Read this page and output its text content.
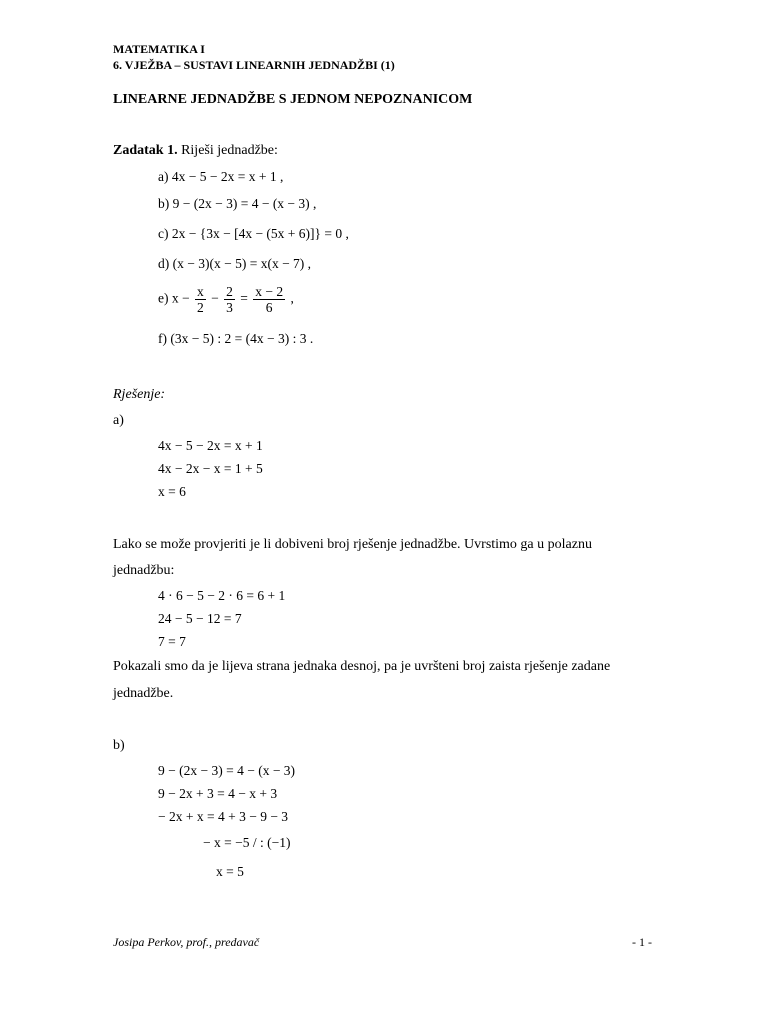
MATEMATIKA I
6. VJEŽBA – SUSTAVI LINEARNIH JEDNADŽBI (1)
LINEARNE JEDNADŽBE S JEDNOM NEPOZNANICOM
Zadatak 1. Riješi jednadžbe:
a) 4x − 5 − 2x = x + 1 ,
b) 9 − (2x − 3) = 4 − (x − 3) ,
c) 2x − {3x − [4x − (5x + 6)]} = 0 ,
d) (x − 3)(x − 5) = x(x − 7) ,
e) $x - \frac{x}{2} - \frac{2}{3} = \frac{x - 2}{6}$ ,
f) (3x − 5) : 2 = (4x − 3) : 3 .
Rješenje:
a)
4x − 5 − 2x = x + 1
4x − 2x − x = 1 + 5
x = 6
Lako se može provjeriti je li dobiveni broj rješenje jednadžbe. Uvrstimo ga u polaznu
jednadžbu:
4 · 6 − 5 − 2 · 6 = 6 + 1
24 − 5 − 12 = 7
7 = 7
Pokazali smo da je lijeva strana jednaka desnoj, pa je uvršteni broj zaista rješenje zadane
jednadžbe.
b)
9 − (2x − 3) = 4 − (x − 3)
9 − 2x + 3 = 4 − x + 3
− 2x + x = 4 + 3 − 9 − 3
− x = −5 / : (−1)
x = 5
Josipa Perkov, prof., predavač	- 1 -
